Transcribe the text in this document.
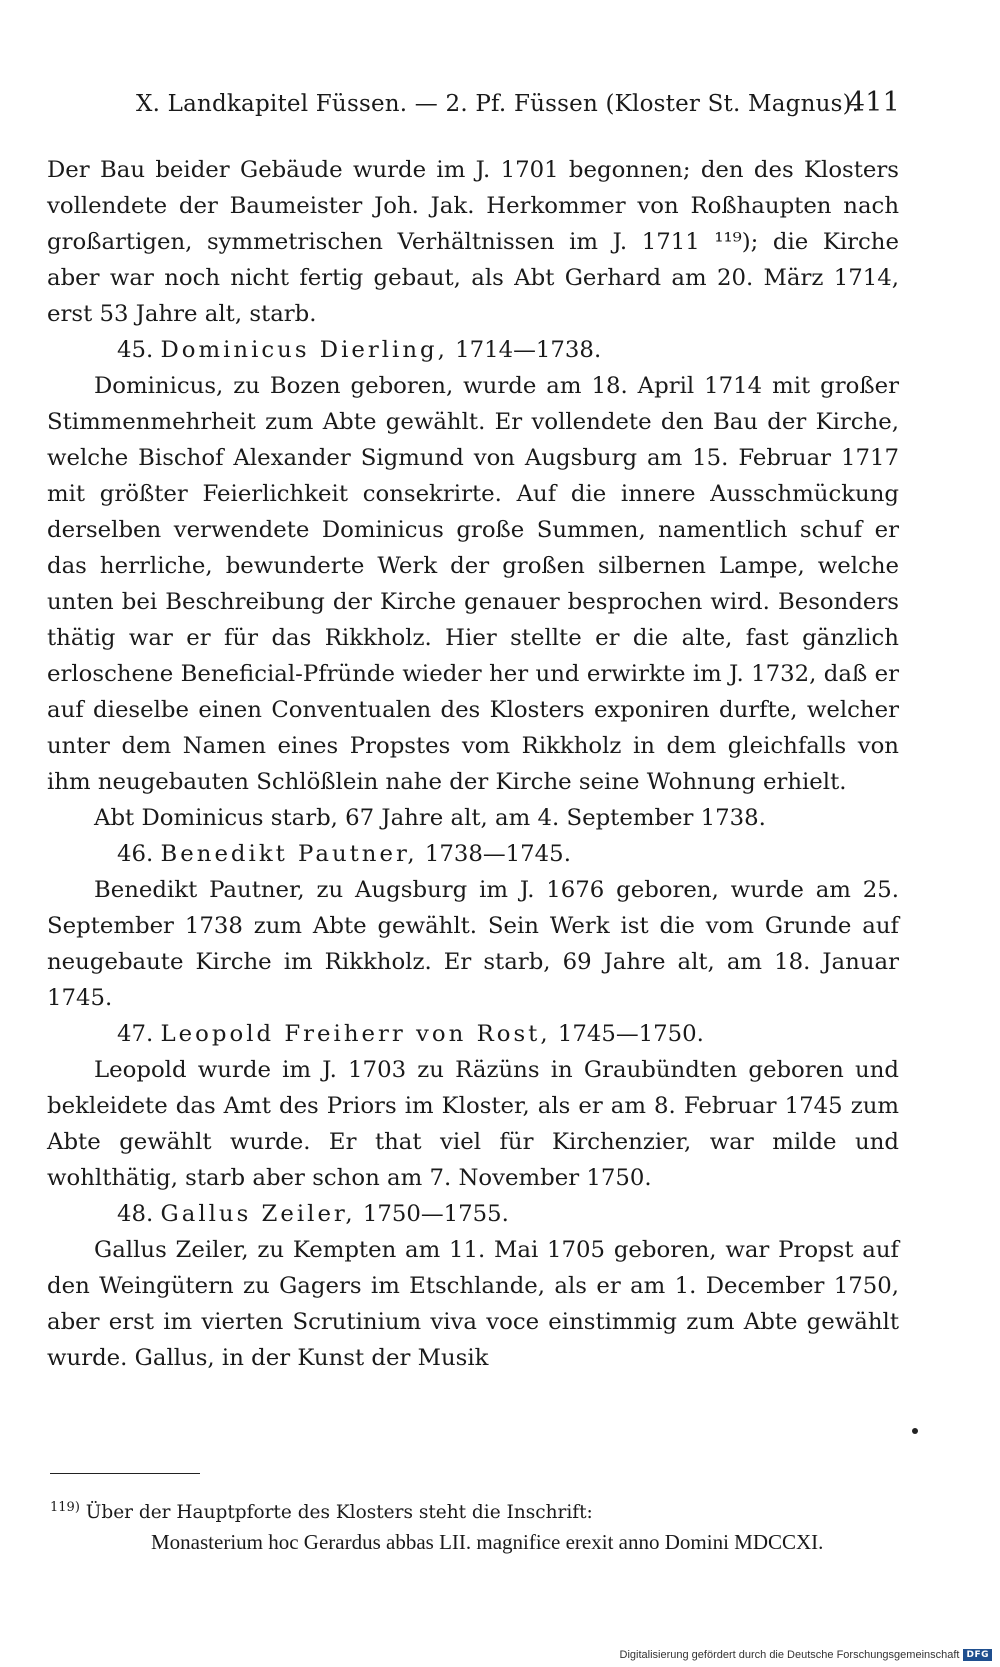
X. Landkapitel Füssen. — 2. Pf. Füssen (Kloster St. Magnus).
411

Der Bau beider Gebäude wurde im J. 1701 begonnen; den des Klosters vollendete der Baumeister Joh. Jak. Herkommer von Roßhaupten nach großartigen, symmetrischen Verhältnissen im J. 1711 ¹¹⁹); die Kirche aber war noch nicht fertig gebaut, als Abt Gerhard am 20. März 1714, erst 53 Jahre alt, starb.

45. Dominicus Dierling, 1714—1738.

Dominicus, zu Bozen geboren, wurde am 18. April 1714 mit großer Stimmenmehrheit zum Abte gewählt. Er vollendete den Bau der Kirche, welche Bischof Alexander Sigmund von Augsburg am 15. Februar 1717 mit größter Feierlichkeit consekrirte. Auf die innere Ausschmückung derselben verwendete Dominicus große Summen, namentlich schuf er das herrliche, bewunderte Werk der großen silbernen Lampe, welche unten bei Beschreibung der Kirche genauer besprochen wird. Besonders thätig war er für das Rikkholz. Hier stellte er die alte, fast gänzlich erloschene Beneficial-Pfründe wieder her und erwirkte im J. 1732, daß er auf dieselbe einen Conventualen des Klosters exponiren durfte, welcher unter dem Namen eines Propstes vom Rikkholz in dem gleichfalls von ihm neugebauten Schlößlein nahe der Kirche seine Wohnung erhielt.

Abt Dominicus starb, 67 Jahre alt, am 4. September 1738.

46. Benedikt Pautner, 1738—1745.

Benedikt Pautner, zu Augsburg im J. 1676 geboren, wurde am 25. September 1738 zum Abte gewählt. Sein Werk ist die vom Grunde auf neugebaute Kirche im Rikkholz. Er starb, 69 Jahre alt, am 18. Januar 1745.

47. Leopold Freiherr von Rost, 1745—1750.

Leopold wurde im J. 1703 zu Räzüns in Graubündten geboren und bekleidete das Amt des Priors im Kloster, als er am 8. Februar 1745 zum Abte gewählt wurde. Er that viel für Kirchenzier, war milde und wohlthätig, starb aber schon am 7. November 1750.

48. Gallus Zeiler, 1750—1755.

Gallus Zeiler, zu Kempten am 11. Mai 1705 geboren, war Propst auf den Weingütern zu Gagers im Etschlande, als er am 1. December 1750, aber erst im vierten Scrutinium viva voce einstimmig zum Abte gewählt wurde. Gallus, in der Kunst der Musik

$^{119)}$ Über der Hauptpforte des Klosters steht die Inschrift:

Monasterium hoc Gerardus abbas LII. magnifice erexit anno Domini MDCCXI.

Digitalisierung gefördert durch die Deutsche Forschungsgemeinschaft DFG
